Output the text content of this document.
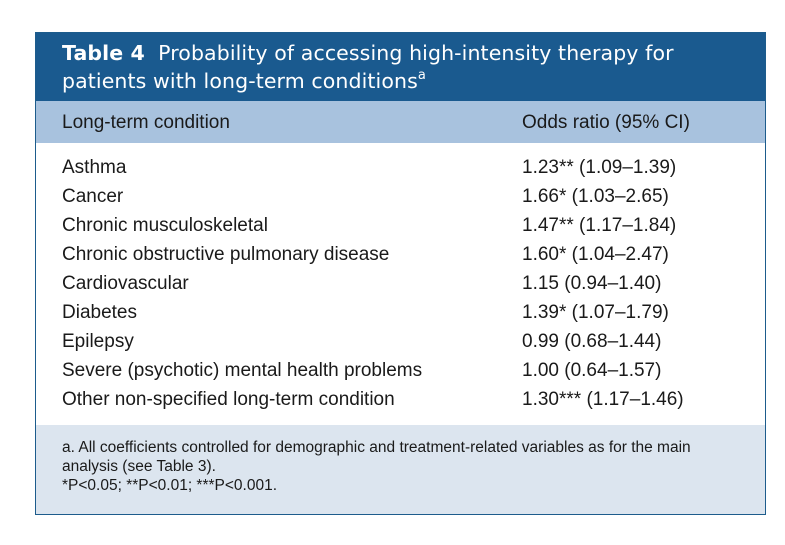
Table 4 Probability of accessing high-intensity therapy for patients with long-term conditions$^a$
Long-term condition	Odds ratio (95% CI)
Asthma	1.23** (1.09–1.39)
Cancer	1.66* (1.03–2.65)
Chronic musculoskeletal	1.47** (1.17–1.84)
Chronic obstructive pulmonary disease	1.60* (1.04–2.47)
Cardiovascular	1.15 (0.94–1.40)
Diabetes	1.39* (1.07–1.79)
Epilepsy	0.99 (0.68–1.44)
Severe (psychotic) mental health problems	1.00 (0.64–1.57)
Other non-specified long-term condition	1.30*** (1.17–1.46)
a. All coefficients controlled for demographic and treatment-related variables as for the main analysis (see Table 3).
*P<0.05; **P<0.01; ***P<0.001.
